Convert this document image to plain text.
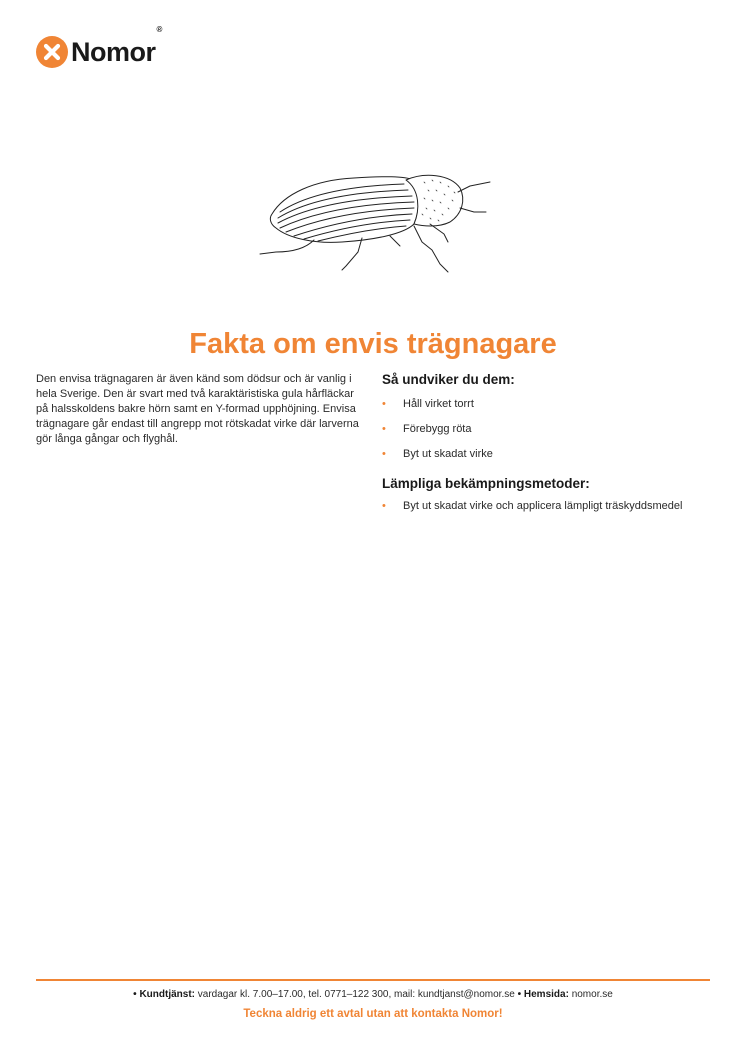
Nomor®
Fakta om envis trägnagare

Den envisa trägnagaren är även känd som dödsur och är vanlig i hela Sverige. Den är svart med två karaktäristiska gula hårfläckar på halsskoldens bakre hörn samt en Y-formad upphöjning. Envisa trägnagare går endast till angrepp mot rötskadat virke där larverna gör långa gångar och flyghål.

Så undviker du dem:
• Håll virket torrt
• Förebygg röta
• Byt ut skadat virke
Lämpliga bekämpningsmetoder:
• Byt ut skadat virke och applicera lämpligt träskyddsmedel
• Kundtjänst: vardagar kl. 7.00–17.00, tel. 0771–122 300, mail: kundtjanst@nomor.se • Hemsida: nomor.se
Teckna aldrig ett avtal utan att kontakta Nomor!
